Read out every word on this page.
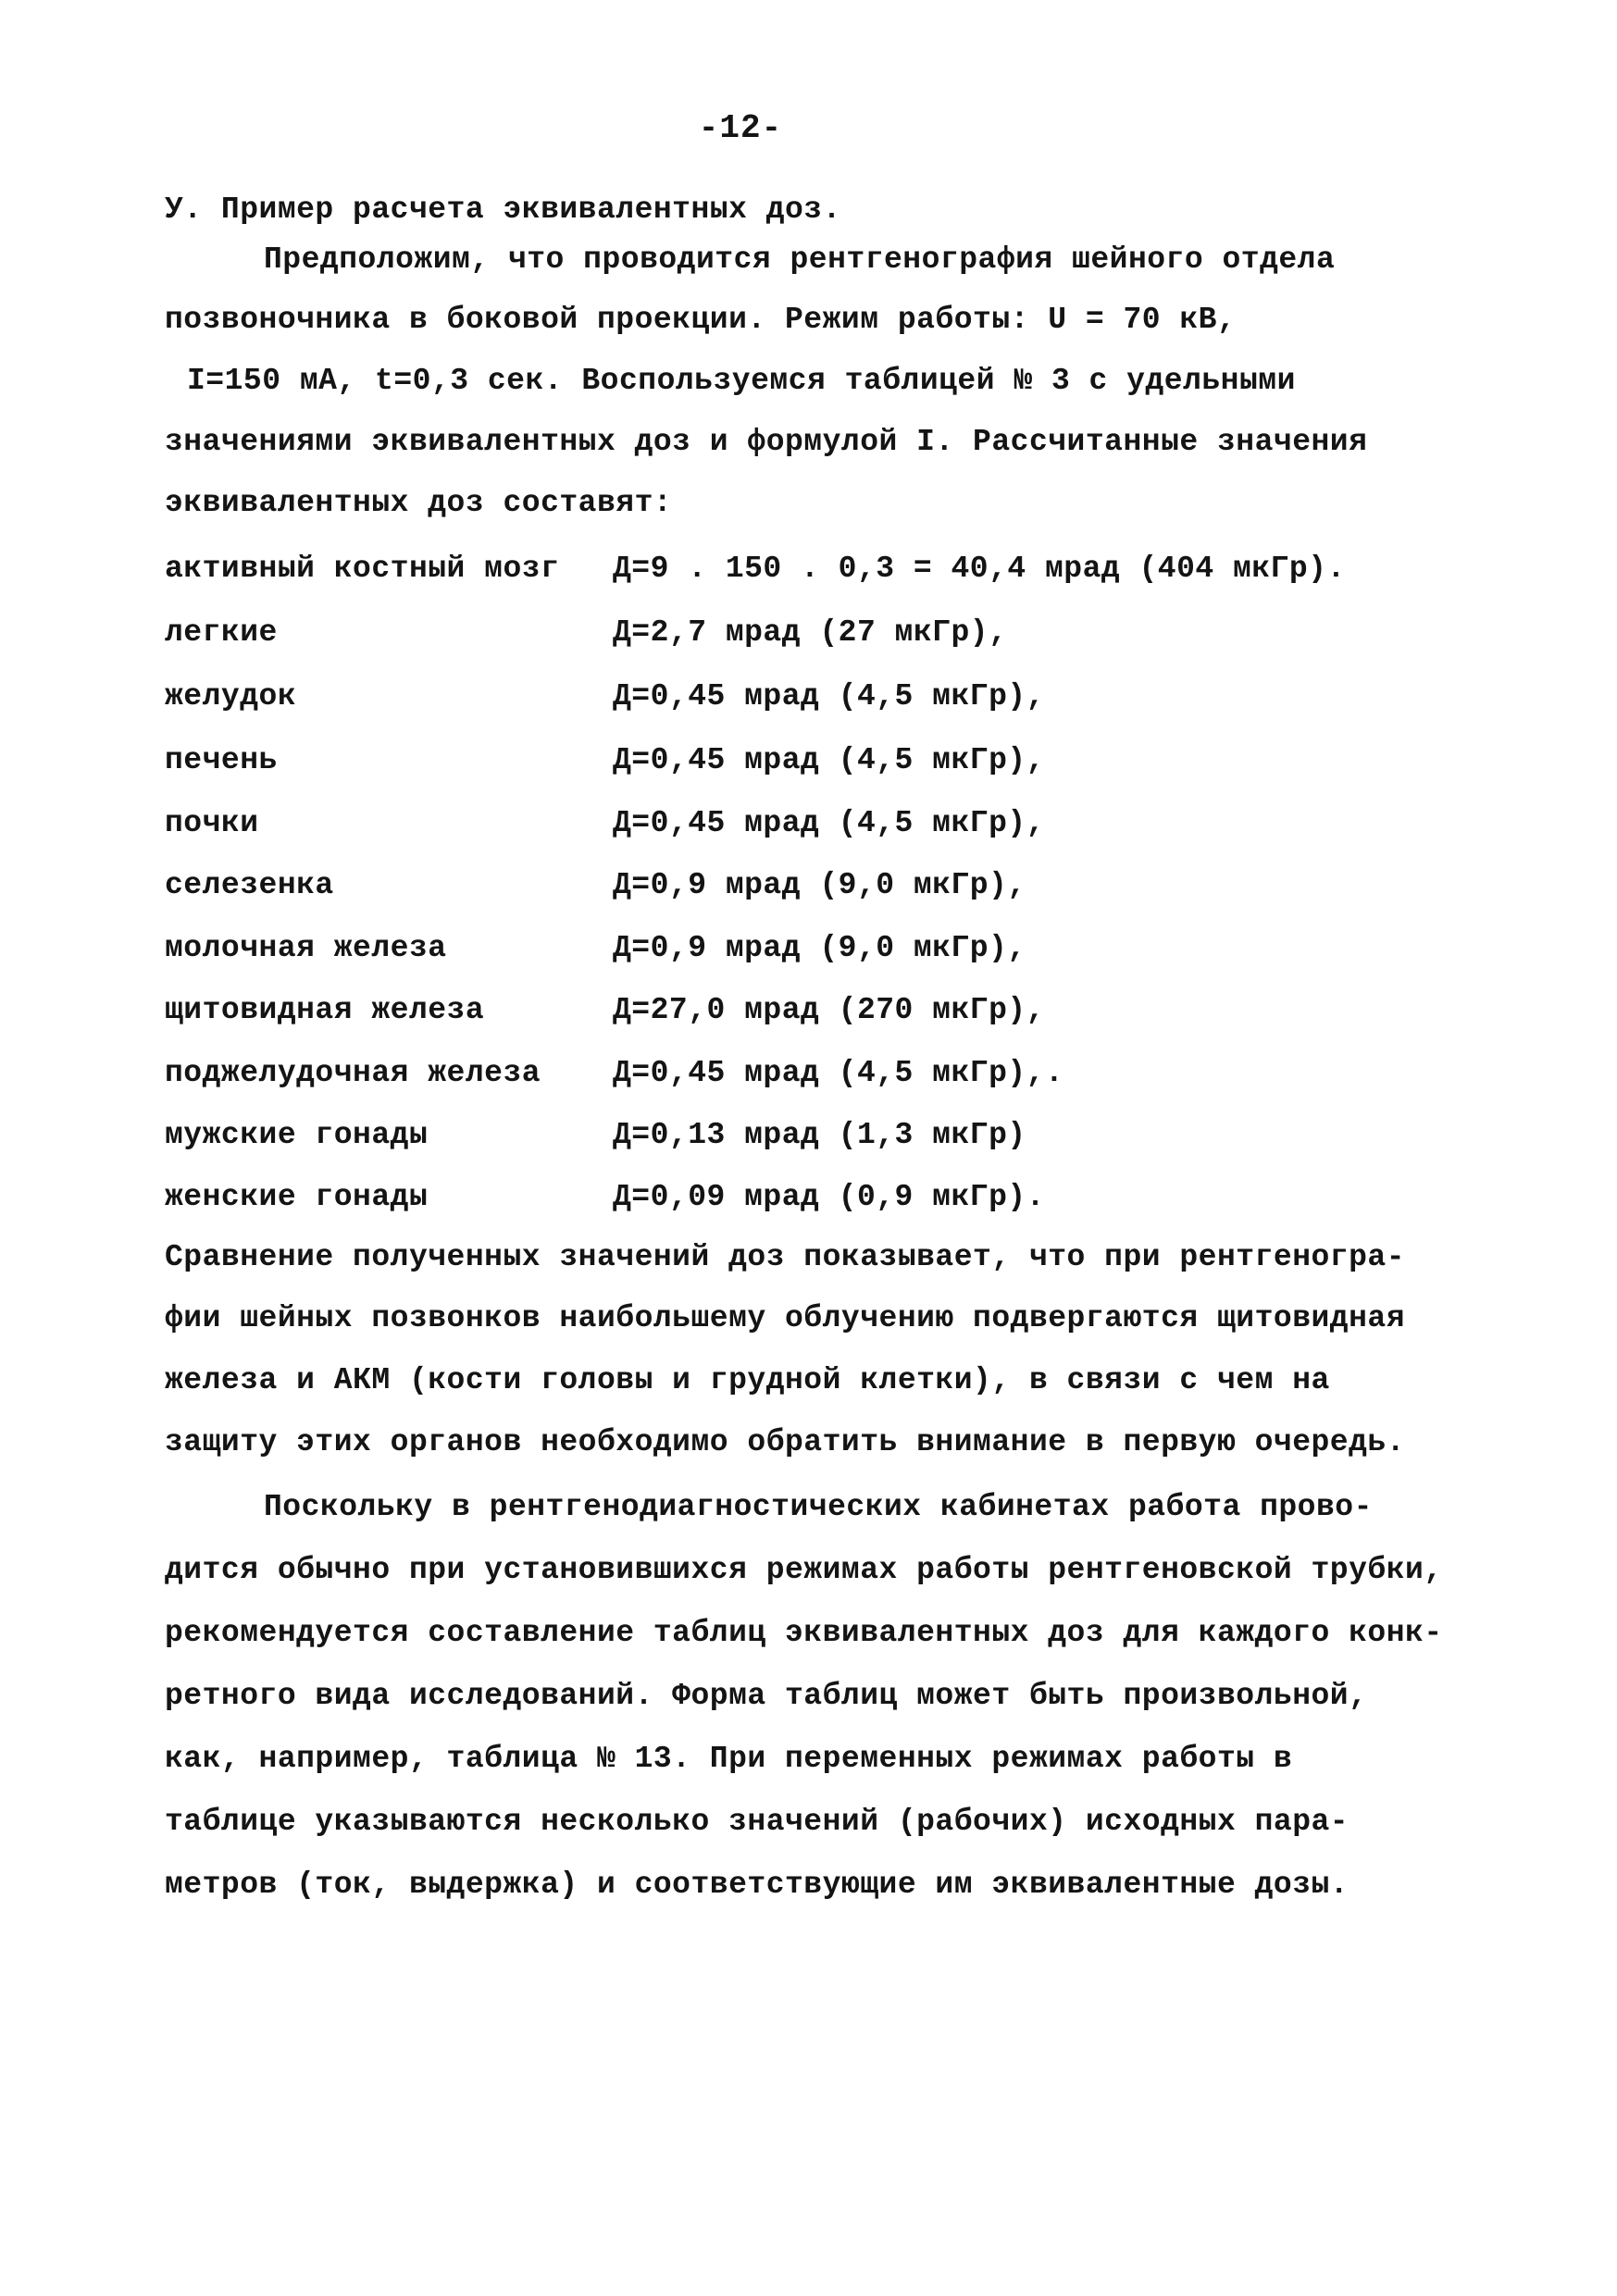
-12-
У. Пример расчета эквивалентных доз.
Предположим, что проводится рентгенография шейного отдела
позвоночника в боковой проекции. Режим работы: U = 70 кВ,
I=150 мА, t=0,3 сек. Воспользуемся таблицей № 3 с удельными
значениями эквивалентных доз и формулой I. Рассчитанные значения
эквивалентных доз составят:
активный костный мозг Д=9 . 150 . 0,3 = 40,4 мрад (404 мкГр).
легкие	Д=2,7 мрад (27 мкГр),
желудок	Д=0,45 мрад (4,5 мкГр),
печень	Д=0,45 мрад (4,5 мкГр),
почки	Д=0,45 мрад (4,5 мкГр),
селезенка	Д=0,9 мрад (9,0 мкГр),
молочная железа	Д=0,9 мрад (9,0 мкГр),
щитовидная железа	Д=27,0 мрад (270 мкГр),
поджелудочная железа Д=0,45 мрад (4,5 мкГр),.
мужские гонады	Д=0,13 мрад (1,3 мкГр)
женские гонады	Д=0,09 мрад (0,9 мкГр).
Сравнение полученных значений доз показывает, что при рентгеногра-
фии шейных позвонков наибольшему облучению подвергаются щитовидная
железа и АКМ (кости головы и грудной клетки), в связи с чем на
защиту этих органов необходимо обратить внимание в первую очередь.
Поскольку в рентгенодиагностических кабинетах работа прово-
дится обычно при установившихся режимах работы рентгеновской трубки,
рекомендуется составление таблиц эквивалентных доз для каждого конк-
ретного вида исследований. Форма таблиц может быть произвольной,
как, например, таблица № 13. При переменных режимах работы в
таблице указываются несколько значений (рабочих) исходных пара-
метров (ток, выдержка) и соответствующие им эквивалентные дозы.
